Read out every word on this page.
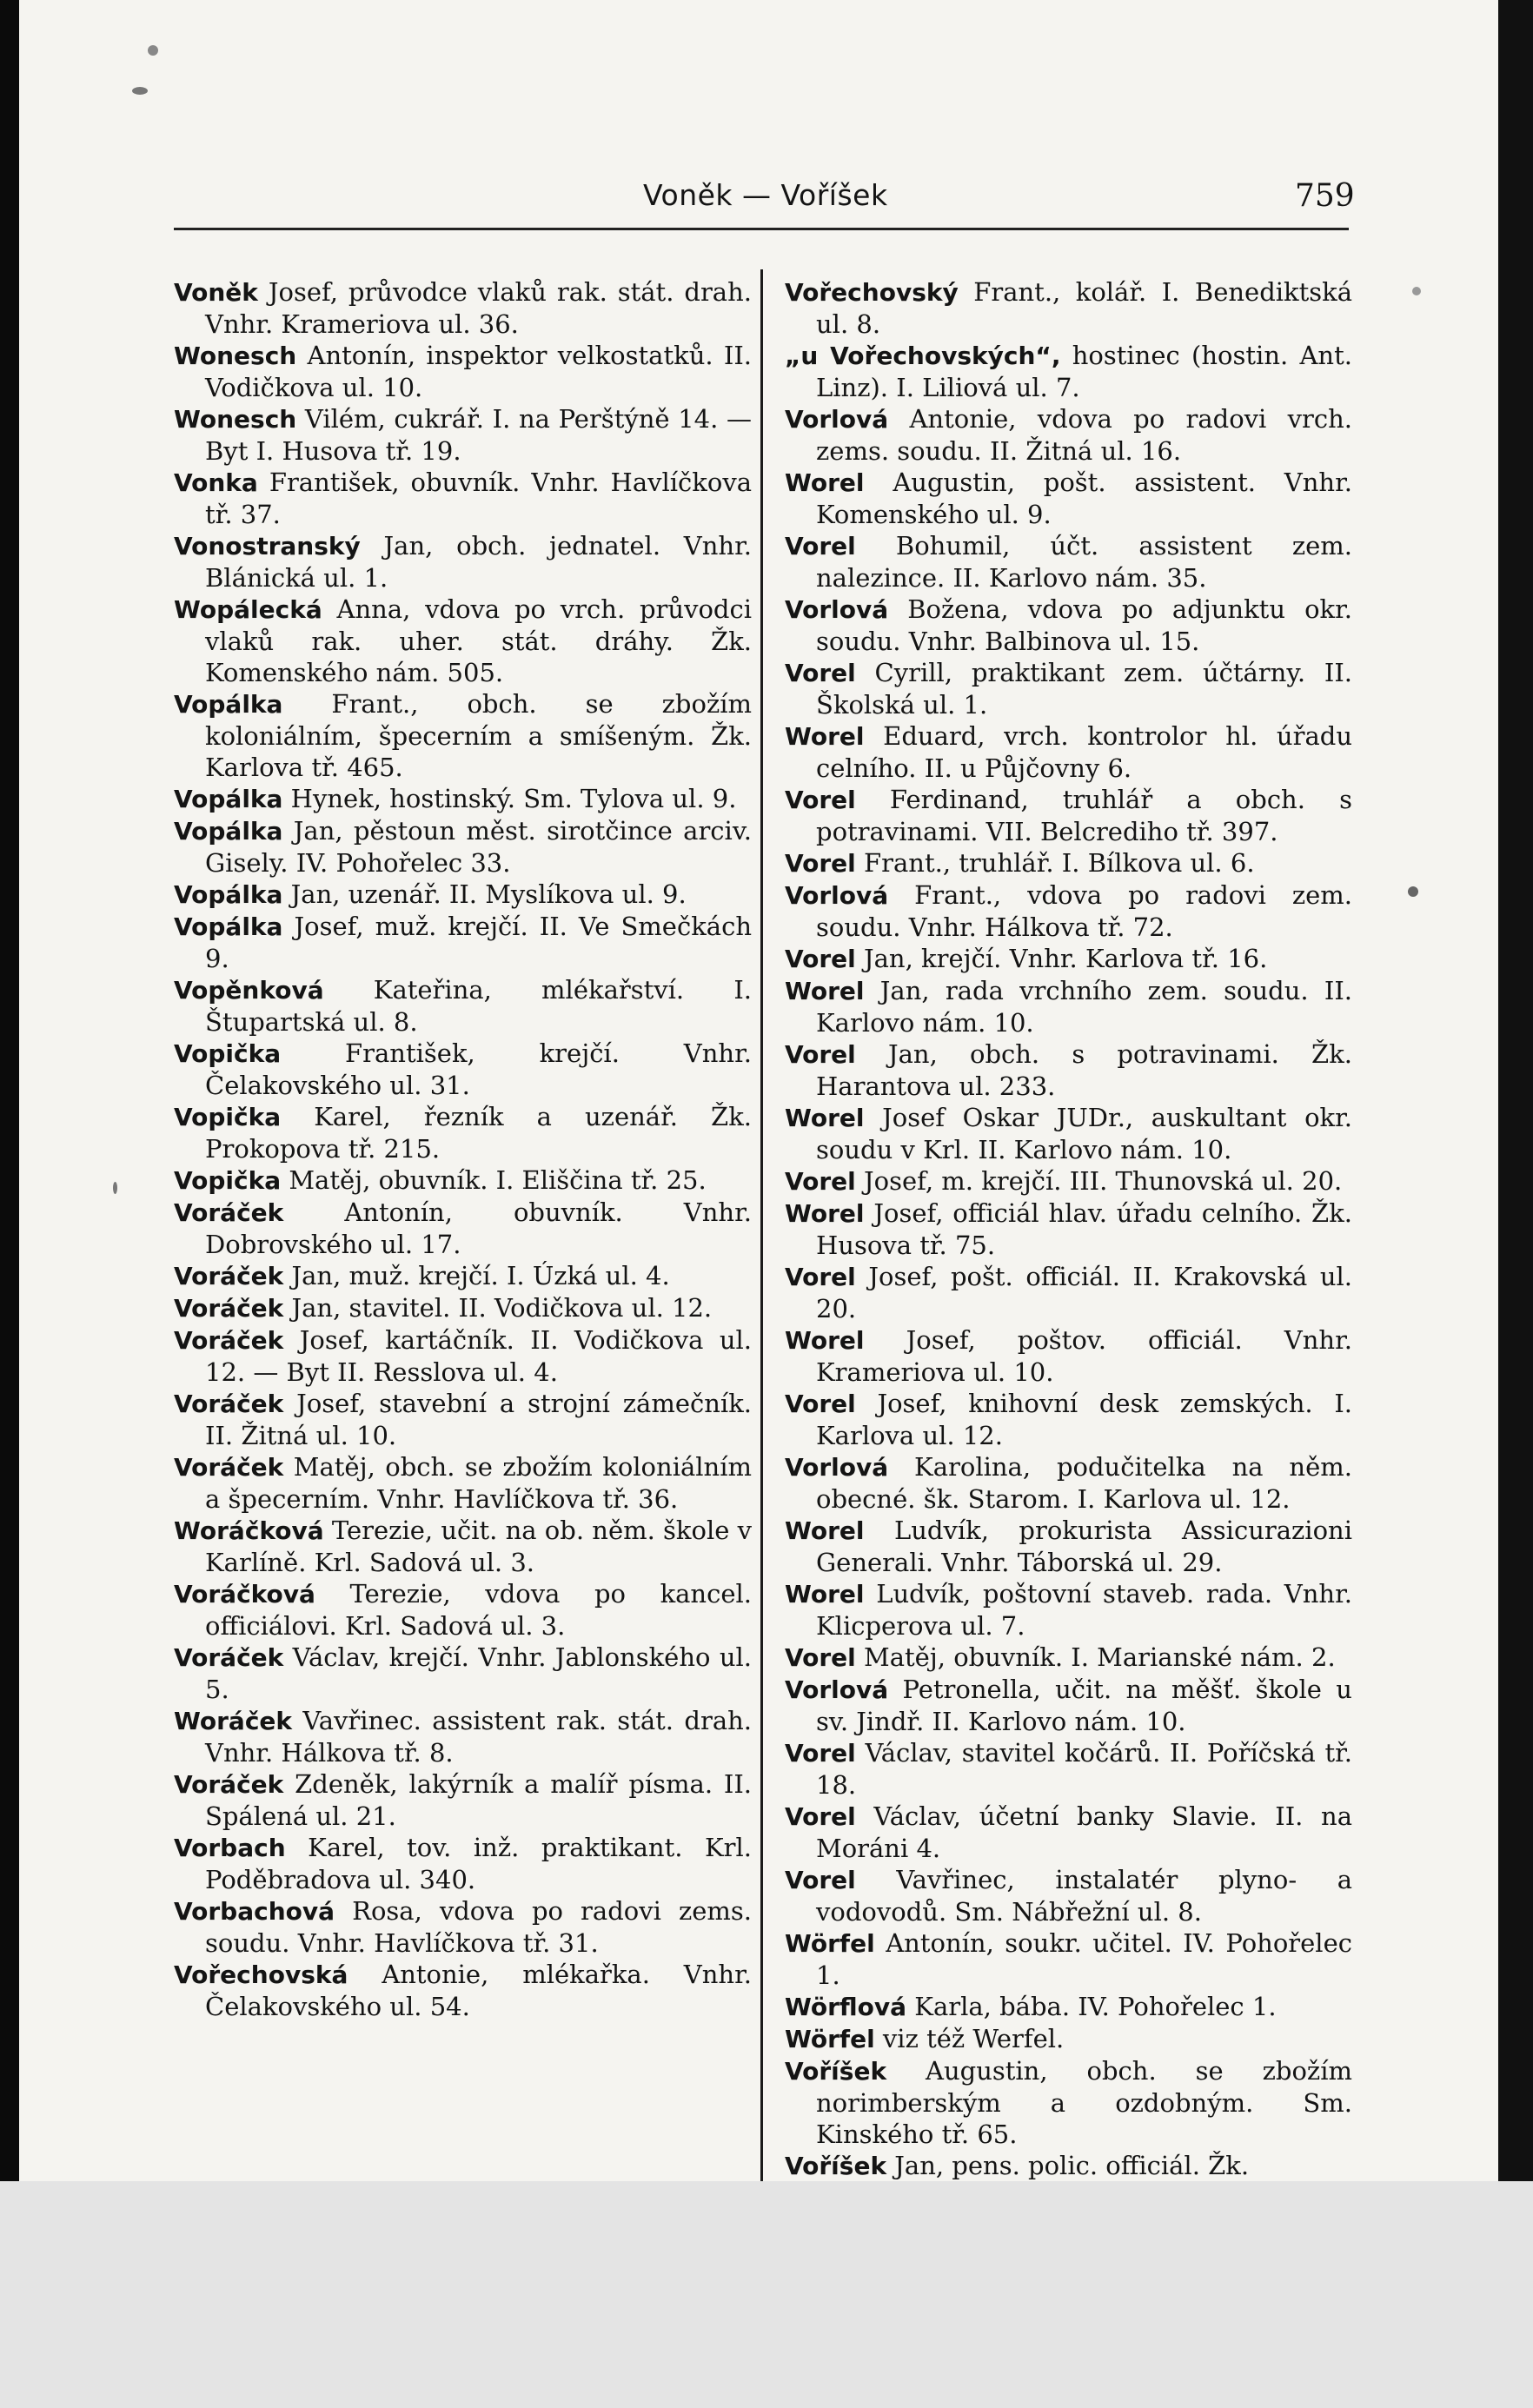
Voněk — Voříšek	759
Voněk Josef, průvodce vlaků rak. stát. drah. Vnhr. Krameriova ul. 36.
Wonesch Antonín, inspektor velkostatků. II. Vodičkova ul. 10.
Wonesch Vilém, cukrář. I. na Perštýně 14. — Byt I. Husova tř. 19.
Vonka František, obuvník. Vnhr. Havlíčkova tř. 37.
Vonostranský Jan, obch. jednatel. Vnhr. Blánická ul. 1.
Wopálecká Anna, vdova po vrch. průvodci vlaků rak. uher. stát. dráhy. Žk. Komenského nám. 505.
Vopálka Frant., obch. se zbožím koloniálním, špecerním a smíšeným. Žk. Karlova tř. 465.
Vopálka Hynek, hostinský. Sm. Tylova ul. 9.
Vopálka Jan, pěstoun měst. sirotčince arciv. Gisely. IV. Pohořelec 33.
Vopálka Jan, uzenář. II. Myslíkova ul. 9.
Vopálka Josef, muž. krejčí. II. Ve Smečkách 9.
Vopěnková Kateřina, mlékařství. I. Štupartská ul. 8.
Vopička František, krejčí. Vnhr. Čelakovského ul. 31.
Vopička Karel, řezník a uzenář. Žk. Prokopova tř. 215.
Vopička Matěj, obuvník. I. Eliščina tř. 25.
Voráček Antonín, obuvník. Vnhr. Dobrovského ul. 17.
Voráček Jan, muž. krejčí. I. Úzká ul. 4.
Voráček Jan, stavitel. II. Vodičkova ul. 12.
Voráček Josef, kartáčník. II. Vodičkova ul. 12. — Byt II. Resslova ul. 4.
Voráček Josef, stavební a strojní zámečník. II. Žitná ul. 10.
Voráček Matěj, obch. se zbožím koloniálním a špecerním. Vnhr. Havlíčkova tř. 36.
Woráčková Terezie, učit. na ob. něm. škole v Karlíně. Krl. Sadová ul. 3.
Voráčková Terezie, vdova po kancel. officiálovi. Krl. Sadová ul. 3.
Voráček Václav, krejčí. Vnhr. Jablonského ul. 5.
Woráček Vavřinec. assistent rak. stát. drah. Vnhr. Hálkova tř. 8.
Voráček Zdeněk, lakýrník a malíř písma. II. Spálená ul. 21.
Vorbach Karel, tov. inž. praktikant. Krl. Poděbradova ul. 340.
Vorbachová Rosa, vdova po radovi zems. soudu. Vnhr. Havlíčkova tř. 31.
Vořechovská Antonie, mlékařka. Vnhr. Čelakovského ul. 54.
Vořechovský Frant., kolář. I. Benediktská ul. 8.
„u Vořechovských“, hostinec (hostin. Ant. Linz). I. Liliová ul. 7.
Vorlová Antonie, vdova po radovi vrch. zems. soudu. II. Žitná ul. 16.
Worel Augustin, pošt. assistent. Vnhr. Komenského ul. 9.
Vorel Bohumil, účt. assistent zem. nalezince. II. Karlovo nám. 35.
Vorlová Božena, vdova po adjunktu okr. soudu. Vnhr. Balbinova ul. 15.
Vorel Cyrill, praktikant zem. účtárny. II. Školská ul. 1.
Worel Eduard, vrch. kontrolor hl. úřadu celního. II. u Půjčovny 6.
Vorel Ferdinand, truhlář a obch. s potravinami. VII. Belcrediho tř. 397.
Vorel Frant., truhlář. I. Bílkova ul. 6.
Vorlová Frant., vdova po radovi zem. soudu. Vnhr. Hálkova tř. 72.
Vorel Jan, krejčí. Vnhr. Karlova tř. 16.
Worel Jan, rada vrchního zem. soudu. II. Karlovo nám. 10.
Vorel Jan, obch. s potravinami. Žk. Harantova ul. 233.
Worel Josef Oskar JUDr., auskultant okr. soudu v Krl. II. Karlovo nám. 10.
Vorel Josef, m. krejčí. III. Thunovská ul. 20.
Worel Josef, officiál hlav. úřadu celního. Žk. Husova tř. 75.
Vorel Josef, pošt. officiál. II. Krakovská ul. 20.
Worel Josef, poštov. officiál. Vnhr. Krameriova ul. 10.
Vorel Josef, knihovní desk zemských. I. Karlova ul. 12.
Vorlová Karolina, podučitelka na něm. obecné. šk. Starom. I. Karlova ul. 12.
Worel Ludvík, prokurista Assicurazioni Generali. Vnhr. Táborská ul. 29.
Worel Ludvík, poštovní staveb. rada. Vnhr. Klicperova ul. 7.
Vorel Matěj, obuvník. I. Marianské nám. 2.
Vorlová Petronella, učit. na měšť. škole u sv. Jindř. II. Karlovo nám. 10.
Vorel Václav, stavitel kočárů. II. Poříčská tř. 18.
Vorel Václav, účetní banky Slavie. II. na Moráni 4.
Vorel Vavřinec, instalatér plyno- a vodovodů. Sm. Nábřežní ul. 8.
Wörfel Antonín, soukr. učitel. IV. Pohořelec 1.
Wörflová Karla, bába. IV. Pohořelec 1.
Wörfel viz též Werfel.
Voříšek Augustin, obch. se zbožím norimberským a ozdobným. Sm. Kinského tř. 65.
Voříšek Jan, pens. polic. officiál. Žk.
